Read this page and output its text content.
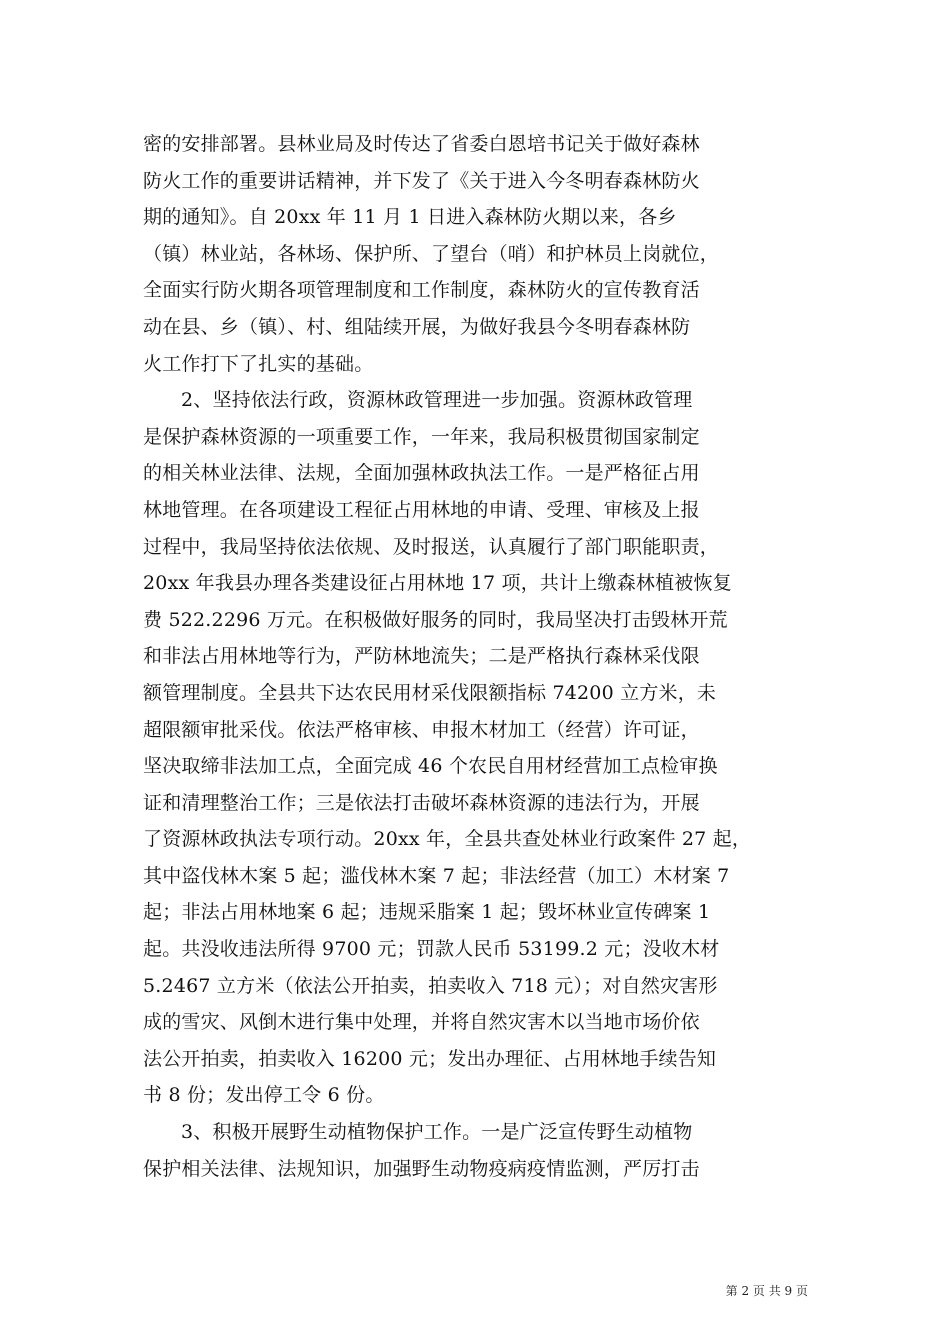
密的安排部署。县林业局及时传达了省委白恩培书记关于做好森林
防火工作的重要讲话精神，并下发了《关于进入今冬明春森林防火
期的通知》。自 20xx 年 11 月 1 日进入森林防火期以来，各乡
（镇）林业站，各林场、保护所、了望台（哨）和护林员上岗就位，
全面实行防火期各项管理制度和工作制度，森林防火的宣传教育活
动在县、乡（镇）、村、组陆续开展，为做好我县今冬明春森林防
火工作打下了扎实的基础。
2、坚持依法行政，资源林政管理进一步加强。资源林政管理
是保护森林资源的一项重要工作，一年来，我局积极贯彻国家制定
的相关林业法律、法规，全面加强林政执法工作。一是严格征占用
林地管理。在各项建设工程征占用林地的申请、受理、审核及上报
过程中，我局坚持依法依规、及时报送，认真履行了部门职能职责，
20xx 年我县办理各类建设征占用林地 17 项，共计上缴森林植被恢复
费 522.2296 万元。在积极做好服务的同时，我局坚决打击毁林开荒
和非法占用林地等行为，严防林地流失；二是严格执行森林采伐限
额管理制度。全县共下达农民用材采伐限额指标 74200 立方米，未
超限额审批采伐。依法严格审核、申报木材加工（经营）许可证，
坚决取缔非法加工点，全面完成 46 个农民自用材经营加工点检审换
证和清理整治工作；三是依法打击破坏森林资源的违法行为，开展
了资源林政执法专项行动。20xx 年，全县共查处林业行政案件 27 起，
其中盗伐林木案 5 起；滥伐林木案 7 起；非法经营（加工）木材案 7
起；非法占用林地案 6 起；违规采脂案 1 起；毁坏林业宣传碑案 1
起。共没收违法所得 9700 元；罚款人民币 53199.2 元；没收木材
5.2467 立方米（依法公开拍卖，拍卖收入 718 元）；对自然灾害形
成的雪灾、风倒木进行集中处理，并将自然灾害木以当地市场价依
法公开拍卖，拍卖收入 16200 元；发出办理征、占用林地手续告知
书 8 份；发出停工令 6 份。
3、积极开展野生动植物保护工作。一是广泛宣传野生动植物
保护相关法律、法规知识，加强野生动物疫病疫情监测，严厉打击
第 2 页 共 9 页
